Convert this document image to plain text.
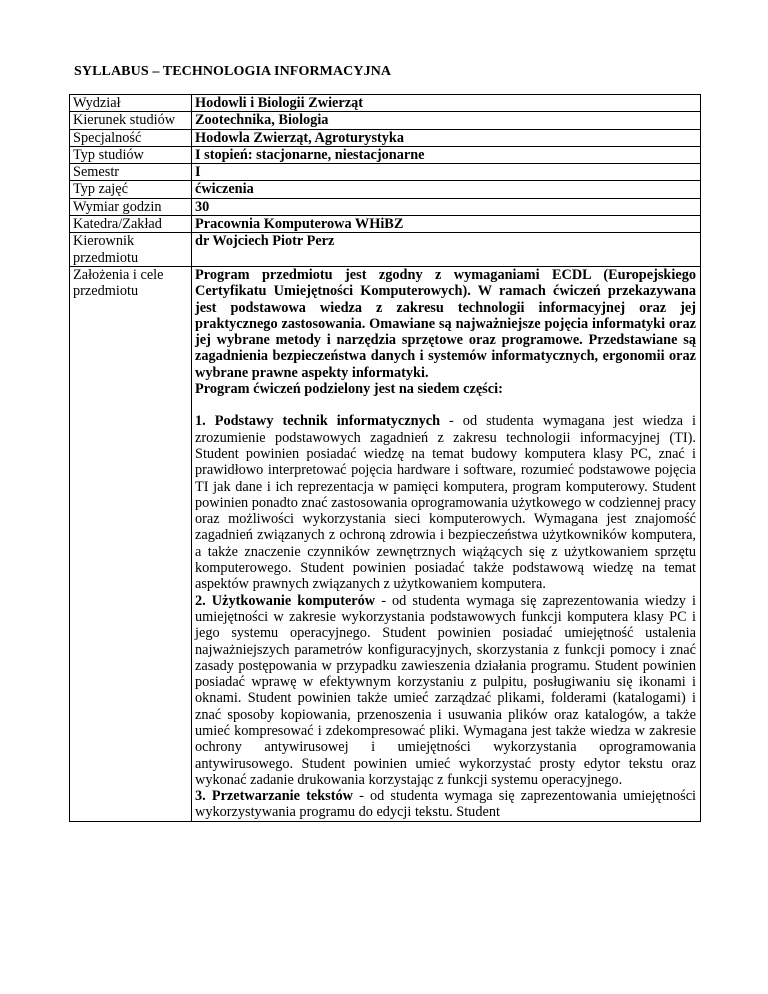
SYLLABUS – TECHNOLOGIA INFORMACYJNA
Wydział	Hodowli i Biologii Zwierząt
Kierunek studiów	Zootechnika, Biologia
Specjalność	Hodowla Zwierząt, Agroturystyka
Typ studiów	I stopień: stacjonarne, niestacjonarne
Semestr	I
Typ zajęć	ćwiczenia
Wymiar godzin	30
Katedra/Zakład	Pracownia Komputerowa WHiBZ
Kierownik przedmiotu	dr Wojciech Piotr Perz
Założenia i cele przedmiotu	Program przedmiotu jest zgodny z wymaganiami ECDL (Europejskiego Certyfikatu Umiejętności Komputerowych). W ramach ćwiczeń przekazywana jest podstawowa wiedza z zakresu technologii informacyjnej oraz jej praktycznego zastosowania. Omawiane są najważniejsze pojęcia informatyki oraz jej wybrane metody i narzędzia sprzętowe oraz programowe. Przedstawiane są zagadnienia bezpieczeństwa danych i systemów informatycznych, ergonomii oraz wybrane prawne aspekty informatyki.

Program ćwiczeń podzielony jest na siedem części:

1. Podstawy technik informatycznych - od studenta wymagana jest wiedza i zrozumienie podstawowych zagadnień z zakresu technologii informacyjnej (TI). Student powinien posiadać wiedzę na temat budowy komputera klasy PC, znać i prawidłowo interpretować pojęcia hardware i software, rozumieć podstawowe pojęcia TI jak dane i ich reprezentacja w pamięci komputera, program komputerowy. Student powinien ponadto znać zastosowania oprogramowania użytkowego w codziennej pracy oraz możliwości wykorzystania sieci komputerowych. Wymagana jest znajomość zagadnień związanych z ochroną zdrowia i bezpieczeństwa użytkowników komputera, a także znaczenie czynników zewnętrznych wiążących się z użytkowaniem sprzętu komputerowego. Student powinien posiadać także podstawową wiedzę na temat aspektów prawnych związanych z użytkowaniem komputera.

2. Użytkowanie komputerów - od studenta wymaga się zaprezentowania wiedzy i umiejętności w zakresie wykorzystania podstawowych funkcji komputera klasy PC i jego systemu operacyjnego. Student powinien posiadać umiejętność ustalenia najważniejszych parametrów konfiguracyjnych, skorzystania z funkcji pomocy i znać zasady postępowania w przypadku zawieszenia działania programu. Student powinien posiadać wprawę w efektywnym korzystaniu z pulpitu, posługiwaniu się ikonami i oknami. Student powinien także umieć zarządzać plikami, folderami (katalogami) i znać sposoby kopiowania, przenoszenia i usuwania plików oraz katalogów, a także umieć kompresować i zdekompresować pliki. Wymagana jest także wiedza w zakresie ochrony antywirusowej i umiejętności wykorzystania oprogramowania antywirusowego. Student powinien umieć wykorzystać prosty edytor tekstu oraz wykonać zadanie drukowania korzystając z funkcji systemu operacyjnego.

3. Przetwarzanie tekstów - od studenta wymaga się zaprezentowania umiejętności wykorzystywania programu do edycji tekstu. Student
